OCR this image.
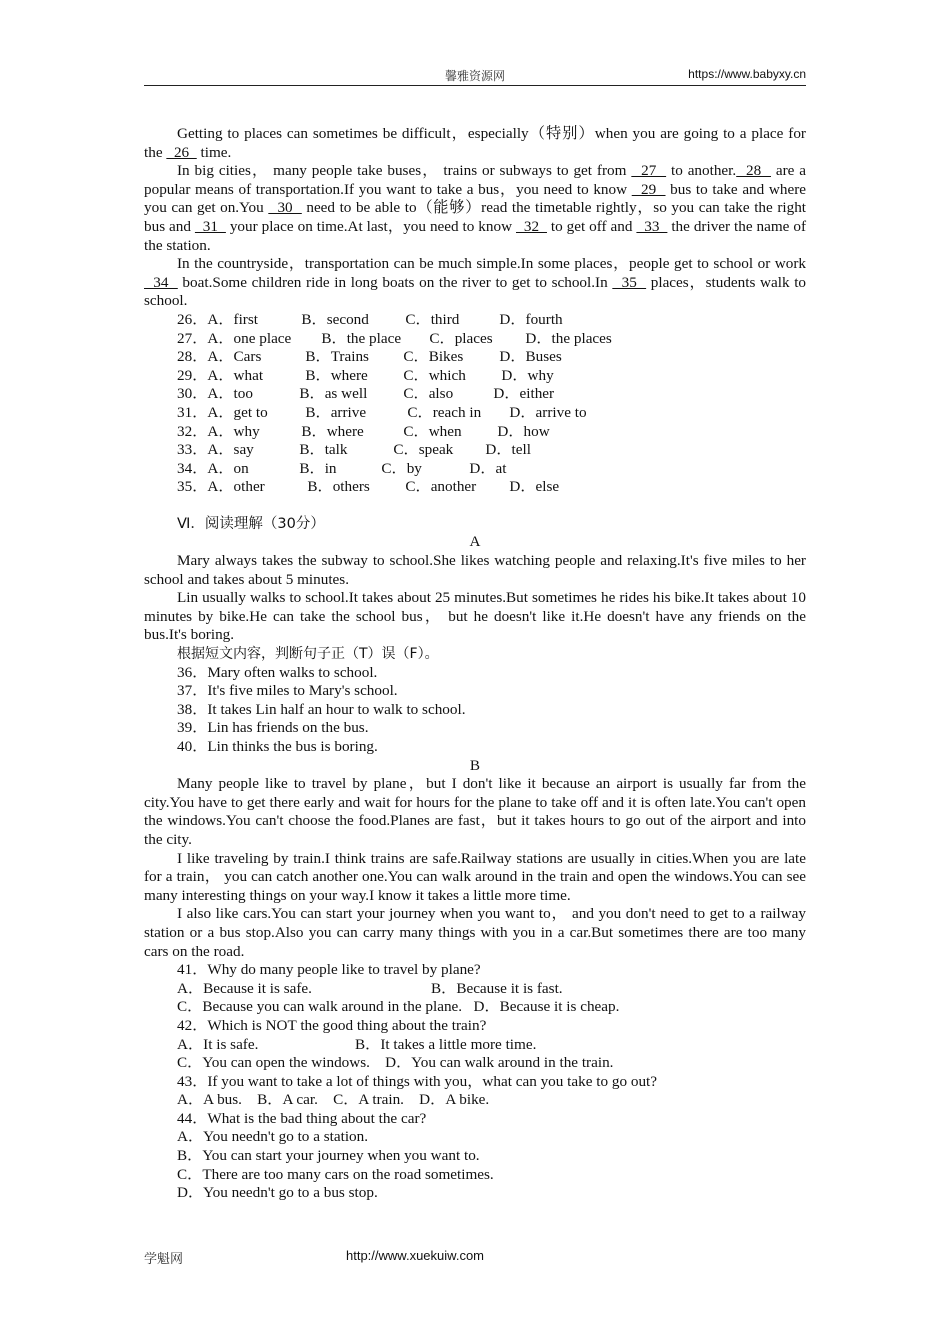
馨雅资源网	https://www.babyxy.cn

Getting to places can sometimes be difficult，especially（特别）when you are going to a place for the   26   time.

In big cities， many people take buses， trains or subways to get from   27   to another.  28   are a popular means of transportation.If you want to take a bus，you need to know   29   bus to take and where you can get on.You   30   need to be able to（能够）read the timetable rightly，so you can take the right bus and   31   your place on time.At last，you need to know   32   to get off and   33   the driver the name of the station.

In the countryside，transportation can be much simple.In some places，people get to school or work   34   boat.Some children ride in long boats on the river to get to school.In   35   places，students walk to school.

26．A．first	B．second C．third	D．fourth

27．A．one place B．the place C．places D．the places

28．A．Cars	B．Trains C．Bikes D．Buses

29．A．what	B．where C．which D．why

30．A．too	B．as well C．also	D．either

31．A．get to B．arrive	C．reach in D．arrive to

32．A．why	B．where	C．when D．how

33．A．say	B．talk	C．speak D．tell

34．A．on	B．in	C．by	D．at

35．A．other	B．others C．another D．else

Ⅵ．阅读理解（30分）

A

Mary always takes the subway to school.She likes watching people and relaxing.It's five miles to her school and takes about 5 minutes.

Lin usually walks to school.It takes about 25 minutes.But sometimes he rides his bike.It takes about 10 minutes by bike.He can take the school bus， but he doesn't like it.He doesn't have any friends on the bus.It's boring.

根据短文内容，判断句子正（T）误（F）。

36．Mary often walks to school.

37．It's five miles to Mary's school.

38．It takes Lin half an hour to walk to school.

39．Lin has friends on the bus.

40．Lin thinks the bus is boring.

B

Many people like to travel by plane，but I don't like it because an airport is usually far from the city.You have to get there early and wait for hours for the plane to take off and it is often late.You can't open the windows.You can't choose the food.Planes are fast，but it takes hours to go out of the airport and into the city.

I like traveling by train.I think trains are safe.Railway stations are usually in cities.When you are late for a train， you can catch another one.You can walk around in the train and open the windows.You can see many interesting things on your way.I know it takes a little more time.

I also like cars.You can start your journey when you want to， and you don't need to get to a railway station or a bus stop.Also you can carry many things with you in a car.But sometimes there are too many cars on the road.

41．Why do many people like to travel by plane?

A．Because it is safe.	B．Because it is fast.

C．Because you can walk around in the plane. D．Because it is cheap.

42．Which is NOT the good thing about the train?

A．It is safe.	B．It takes a little more time.

C．You can open the windows. D．You can walk around in the train.

43．If you want to take a lot of things with you，what can you take to go out?

A．A bus. B．A car. C．A train. D．A bike.

44．What is the bad thing about the car?

A．You needn't go to a station.

B．You can start your journey when you want to.

C．There are too many cars on the road sometimes.

D．You needn't go to a bus stop.

学魁网	http://www.xuekuiw.com
